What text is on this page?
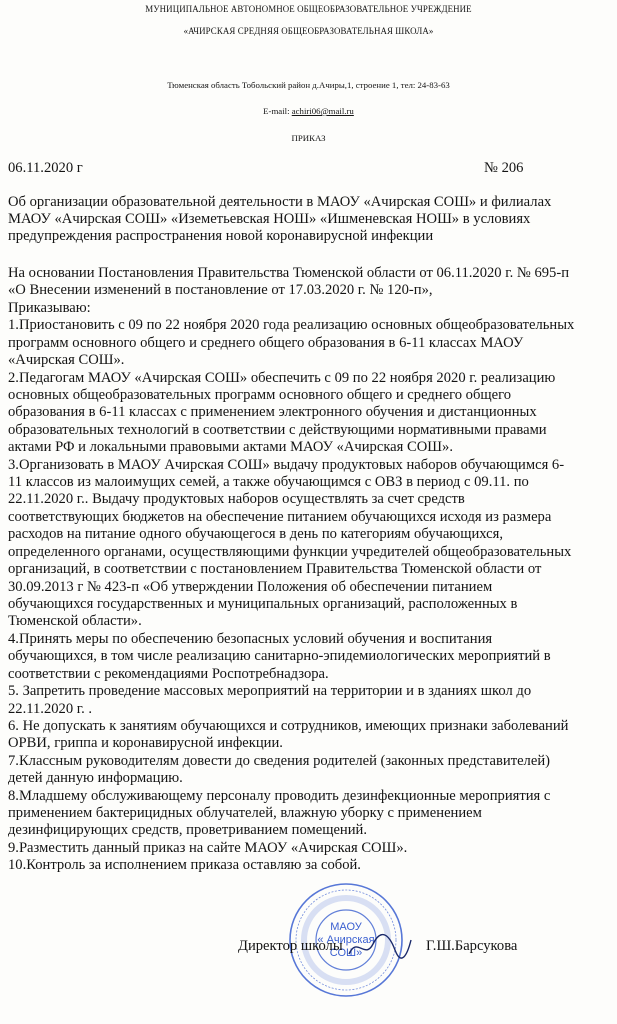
МУНИЦИПАЛЬНОЕ АВТОНОМНОЕ ОБЩЕОБРАЗОВАТЕЛЬНОЕ УЧРЕЖДЕНИЕ
«АЧИРСКАЯ СРЕДНЯЯ ОБЩЕОБРАЗОВАТЕЛЬНАЯ ШКОЛА»
Тюменская область Тобольский район д.Ачиры,1, строение 1, тел: 24-83-63
E-mail: achiri06@mail.ru
ПРИКАЗ
06.11.2020 г	№ 206
Об организации образовательной деятельности в МАОУ «Ачирская СОШ» и филиалах
МАОУ «Ачирская СОШ» «Иземетьевская НОШ» «Ишменевская НОШ» в условиях
предупреждения распространения новой коронавирусной инфекции
На основании Постановления Правительства Тюменской области от 06.11.2020 г. № 695-п
«О Внесении изменений в постановление от 17.03.2020 г. № 120-п»,
Приказываю:
1.Приостановить с 09 по 22 ноября 2020 года реализацию основных общеобразовательных
программ основного общего и среднего общего образования в 6-11 классах МАОУ
«Ачирская СОШ».
2.Педагогам МАОУ «Ачирская СОШ» обеспечить с 09 по 22 ноября 2020 г. реализацию
основных общеобразовательных программ основного общего и среднего общего
образования в 6-11 классах с применением электронного обучения и дистанционных
образовательных технологий в соответствии с действующими нормативными правами
актами РФ и локальными правовыми актами МАОУ «Ачирская СОШ».
3.Организовать в МАОУ Ачирская СОШ» выдачу продуктовых наборов обучающимся 6-
11 классов из малоимущих семей, а также обучающимся с ОВЗ в период с 09.11. по
22.11.2020 г.. Выдачу продуктовых наборов осуществлять за счет средств
соответствующих бюджетов на обеспечение питанием обучающихся исходя из размера
расходов на питание одного обучающегося в день по категориям обучающихся,
определенного органами, осуществляющими функции учредителей общеобразовательных
организаций, в соответствии с постановлением Правительства Тюменской области от
30.09.2013 г № 423-п «Об утверждении Положения об обеспечении питанием
обучающихся государственных и муниципальных организаций, расположенных в
Тюменской области».
4.Принять меры по обеспечению безопасных условий обучения и воспитания
обучающихся, в том числе реализацию санитарно-эпидемиологических мероприятий в
соответствии с рекомендациями Роспотребнадзора.
5. Запретить проведение массовых мероприятий на территории и в зданиях школ до
22.11.2020 г. .
6. Не допускать к занятиям обучающихся и сотрудников, имеющих признаки заболеваний
ОРВИ, гриппа и коронавирусной инфекции.
7.Классным руководителям довести до сведения родителей (законных представителей)
детей данную информацию.
8.Младшему обслуживающему персоналу проводить дезинфекционные мероприятия с
применением бактерицидных облучателей, влажную уборку с применением
дезинфицирующих средств, проветриванием помещений.
9.Разместить данный приказ на сайте МАОУ «Ачирская СОШ».
10.Контроль за исполнением приказа оставляю за собой.
МАОУ
« Ачирская
СОШ»
Директор школы	Г.Ш.Барсукова
